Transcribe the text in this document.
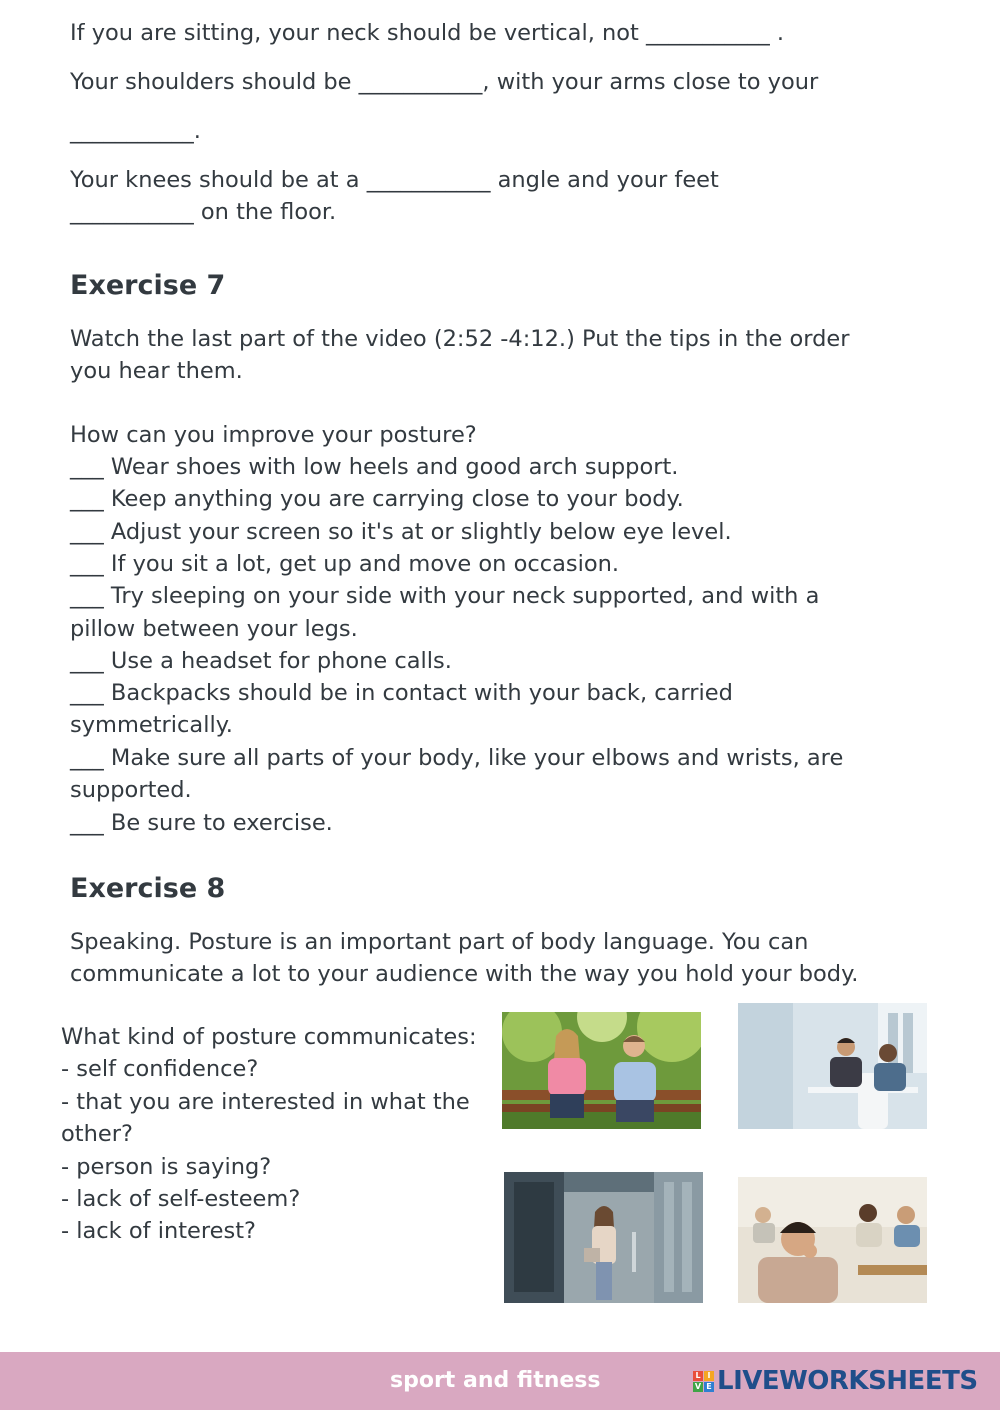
If you are sitting, your neck should be vertical, not ___________ .
Your shoulders should be ___________, with your arms close to your
___________.
Your knees should be at a ___________ angle and your feet
___________ on the floor.
Exercise 7
Watch the last part of the video (2:52 -4:12.) Put the tips in the order
you hear them.
How can you improve your posture?
___ Wear shoes with low heels and good arch support.
___ Keep anything you are carrying close to your body.
___ Adjust your screen so it's at or slightly below eye level.
___ If you sit a lot, get up and move on occasion.
___ Try sleeping on your side with your neck supported, and with a
pillow between your legs.
___ Use a headset for phone calls.
___ Backpacks should be in contact with your back, carried
symmetrically.
___ Make sure all parts of your body, like your elbows and wrists, are
supported.
___ Be sure to exercise.
Exercise 8
Speaking. Posture is an important part of body language. You can
communicate a lot to your audience with the way you hold your body.
What kind of posture communicates:
- self confidence?
- that you are interested in what the
other?
- person is saying?
- lack of self-esteem?
- lack of interest?
sport and fitness	L I
V E LIVEWORKSHEETS
